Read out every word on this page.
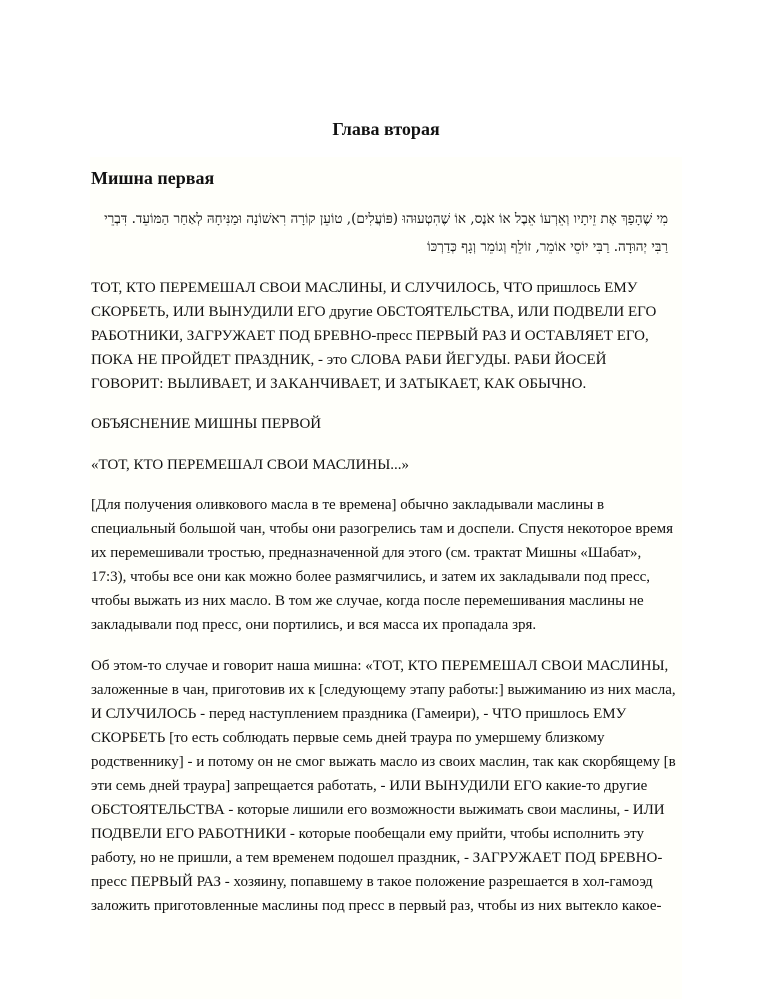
Глава вторая
Мишна первая

מִי שֶׁהָפַךְ אֶת זֵיתָיו וְאֵרְעוֹ אֵבֶל אוֹ אֹנֶס, אוֹ שֶׁהִטְעוּהוּ (פּוֹעֲלִים), טוֹעֵן קוֹרָה רִאשׁוֹנָה וּמַנִּיחָהּ לְאַחַר הַמּוֹעֵד. דִּבְרֵי רַבִּי יְהוּדָה. רַבִּי יוֹסֵי אוֹמֵר, זוֹלֵף וְגוֹמֵר וְגָף כְּדַרְכּוֹ

ТОТ, КТО ПЕРЕМЕШАЛ СВОИ МАСЛИНЫ, И СЛУЧИЛОСЬ, ЧТО пришлось ЕМУ СКОРБЕТЬ, ИЛИ ВЫНУДИЛИ ЕГО другие ОБСТОЯТЕЛЬСТВА, ИЛИ ПОДВЕЛИ ЕГО РАБОТНИКИ, ЗАГРУЖАЕТ ПОД БРЕВНО-пресс ПЕРВЫЙ РАЗ И ОСТАВЛЯЕТ ЕГО, ПОКА НЕ ПРОЙДЕТ ПРАЗДНИК, - это СЛОВА РАБИ ЙЕГУДЫ. РАБИ ЙОСЕЙ ГОВОРИТ: ВЫЛИВАЕТ, И ЗАКАНЧИВАЕТ, И ЗАТЫКАЕТ, КАК ОБЫЧНО.

ОБЪЯСНЕНИЕ МИШНЫ ПЕРВОЙ

«ТОТ, КТО ПЕРЕМЕШАЛ СВОИ МАСЛИНЫ...»

[Для получения оливкового масла в те времена] обычно закладывали маслины в специальный большой чан, чтобы они разогрелись там и доспели. Спустя некоторое время их перемешивали тростью, предназначенной для этого (см. трактат Мишны «Шабат», 17:3), чтобы все они как можно более размягчились, и затем их закладывали под пресс, чтобы выжать из них масло. В том же случае, когда после перемешивания маслины не закладывали под пресс, они портились, и вся масса их пропадала зря.

Об этом-то случае и говорит наша мишна: «ТОТ, КТО ПЕРЕМЕШАЛ СВОИ МАСЛИНЫ, заложенные в чан, приготовив их к [следующему этапу работы:] выжиманию из них масла, И СЛУЧИЛОСЬ - перед наступлением праздника (Гамеири), - ЧТО пришлось ЕМУ СКОРБЕТЬ [то есть соблюдать первые семь дней траура по умершему близкому родственнику] - и потому он не смог выжать масло из своих маслин, так как скорбящему [в эти семь дней траура] запрещается работать, - ИЛИ ВЫНУДИЛИ ЕГО какие-то другие ОБСТОЯТЕЛЬСТВА - которые лишили его возможности выжимать свои маслины, - ИЛИ ПОДВЕЛИ ЕГО РАБОТНИКИ - которые пообещали ему прийти, чтобы исполнить эту работу, но не пришли, а тем временем подошел праздник, - ЗАГРУЖАЕТ ПОД БРЕВНО-пресс ПЕРВЫЙ РАЗ - хозяину, попавшему в такое положение разрешается в хол-гамоэд заложить приготовленные маслины под пресс в первый раз, чтобы из них вытекло какое-
